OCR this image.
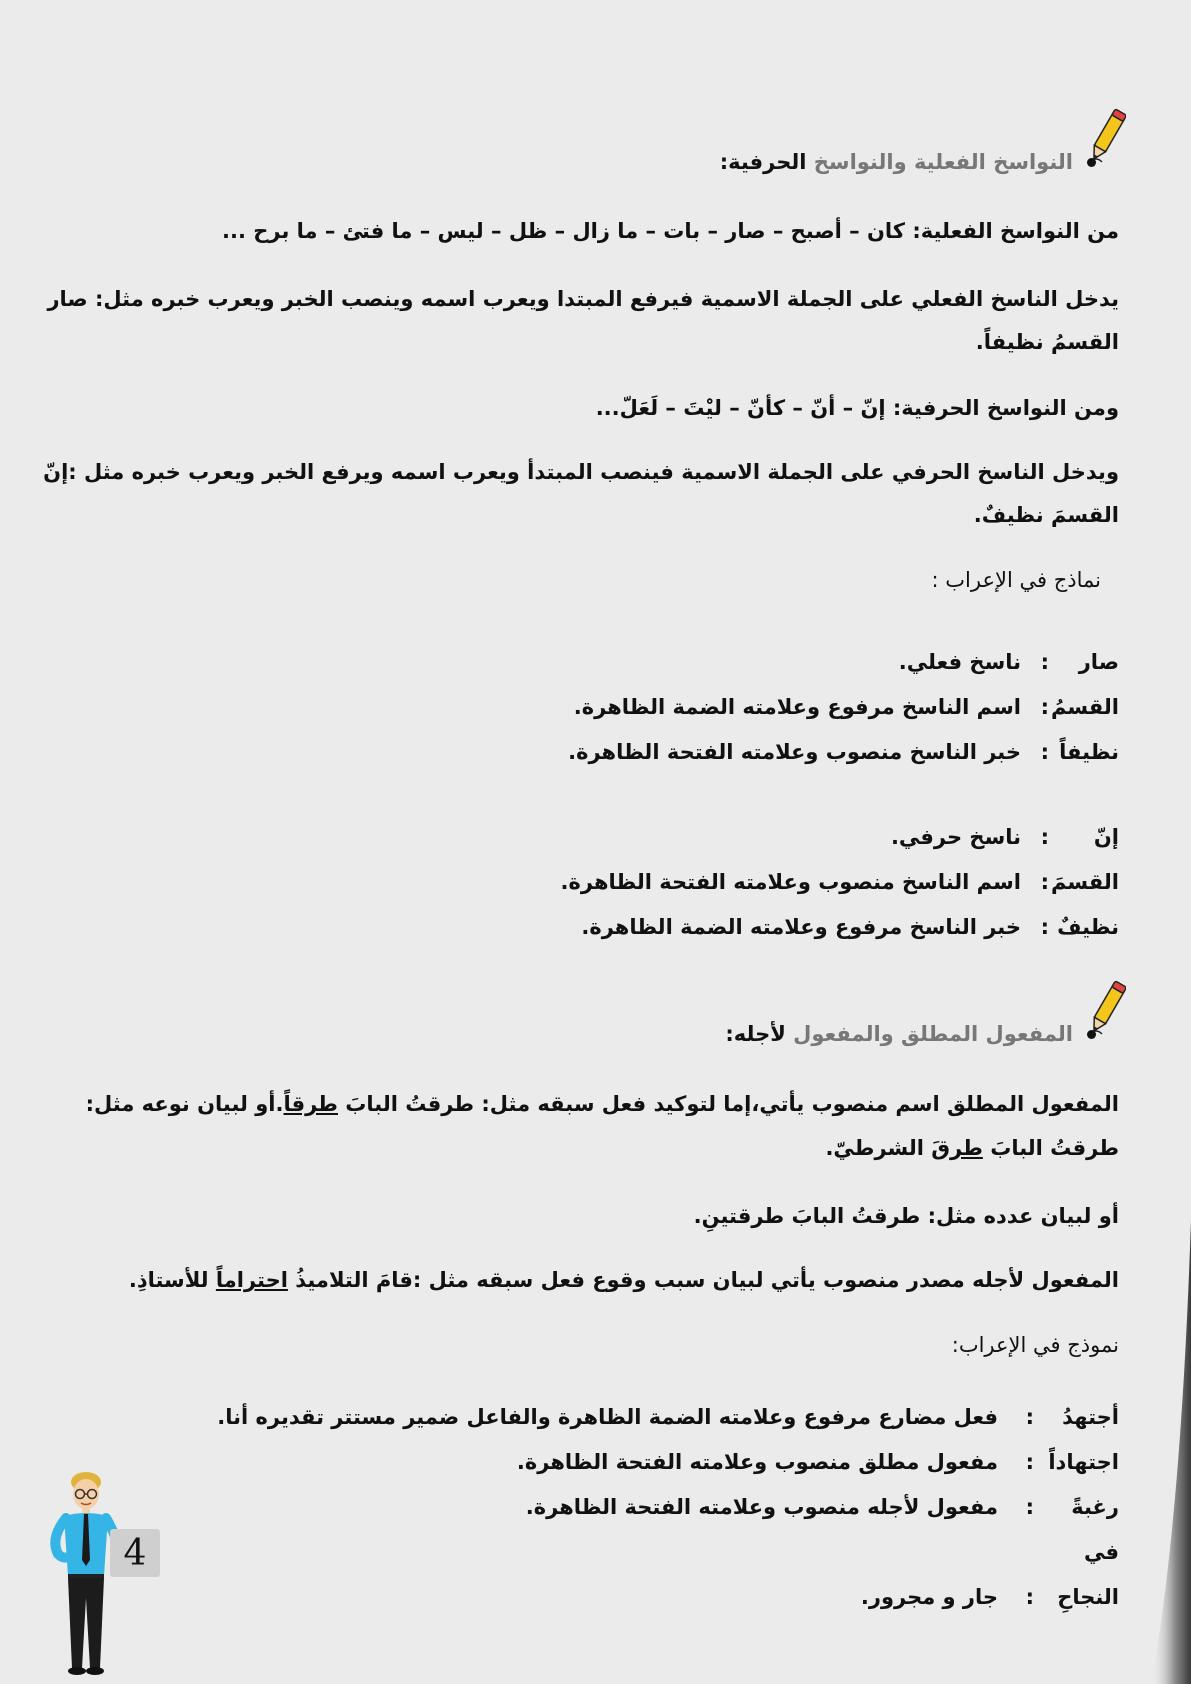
النواسخ الفعلية والنواسخ الحرفية:
من النواسخ الفعلية: كان – أصبح – صار – بات – ما زال – ظل – ليس – ما فتئ – ما برح ...
يدخل الناسخ الفعلي على الجملة الاسمية فيرفع المبتدا ويعرب اسمه وينصب الخبر ويعرب خبره مثل: صار
القسمُ نظيفاً.
ومن النواسخ الحرفية: إنّ – أنّ – كأنّ – ليْتَ – لَعَلّ...
ويدخل الناسخ الحرفي على الجملة الاسمية فينصب المبتدأ ويعرب اسمه ويرفع الخبر ويعرب خبره مثل :إنّ
القسمَ نظيفٌ.
نماذج في الإعراب :
صار:ناسخ فعلي.
القسمُ:اسم الناسخ مرفوع وعلامته الضمة الظاهرة.
نظيفاً:خبر الناسخ منصوب وعلامته الفتحة الظاهرة.
إنّ:ناسخ حرفي.
القسمَ:اسم الناسخ منصوب وعلامته الفتحة الظاهرة.
نظيفٌ:خبر الناسخ مرفوع وعلامته الضمة الظاهرة.
المفعول المطلق والمفعول لأجله:
المفعول المطلق اسم منصوب يأتي،إما لتوكيد فعل سبقه مثل: طرقتُ البابَ طرقاً.أو لبيان نوعه مثل:
طرقتُ البابَ طرقَ الشرطيّ.
أو لبيان عدده مثل: طرقتُ البابَ طرقتينِ.
المفعول لأجله مصدر منصوب يأتي لبيان سبب وقوع فعل سبقه مثل :قامَ التلاميذُ احتراماً للأستاذِ.
نموذج في الإعراب:
أجتهدُ:فعل مضارع مرفوع وعلامته الضمة الظاهرة والفاعل ضمير مستتر تقديره أنا.
اجتهاداً:مفعول مطلق منصوب وعلامته الفتحة الظاهرة.
رغبةً:مفعول لأجله منصوب وعلامته الفتحة الظاهرة.
في النجاحِ:جار و مجرور.
4
